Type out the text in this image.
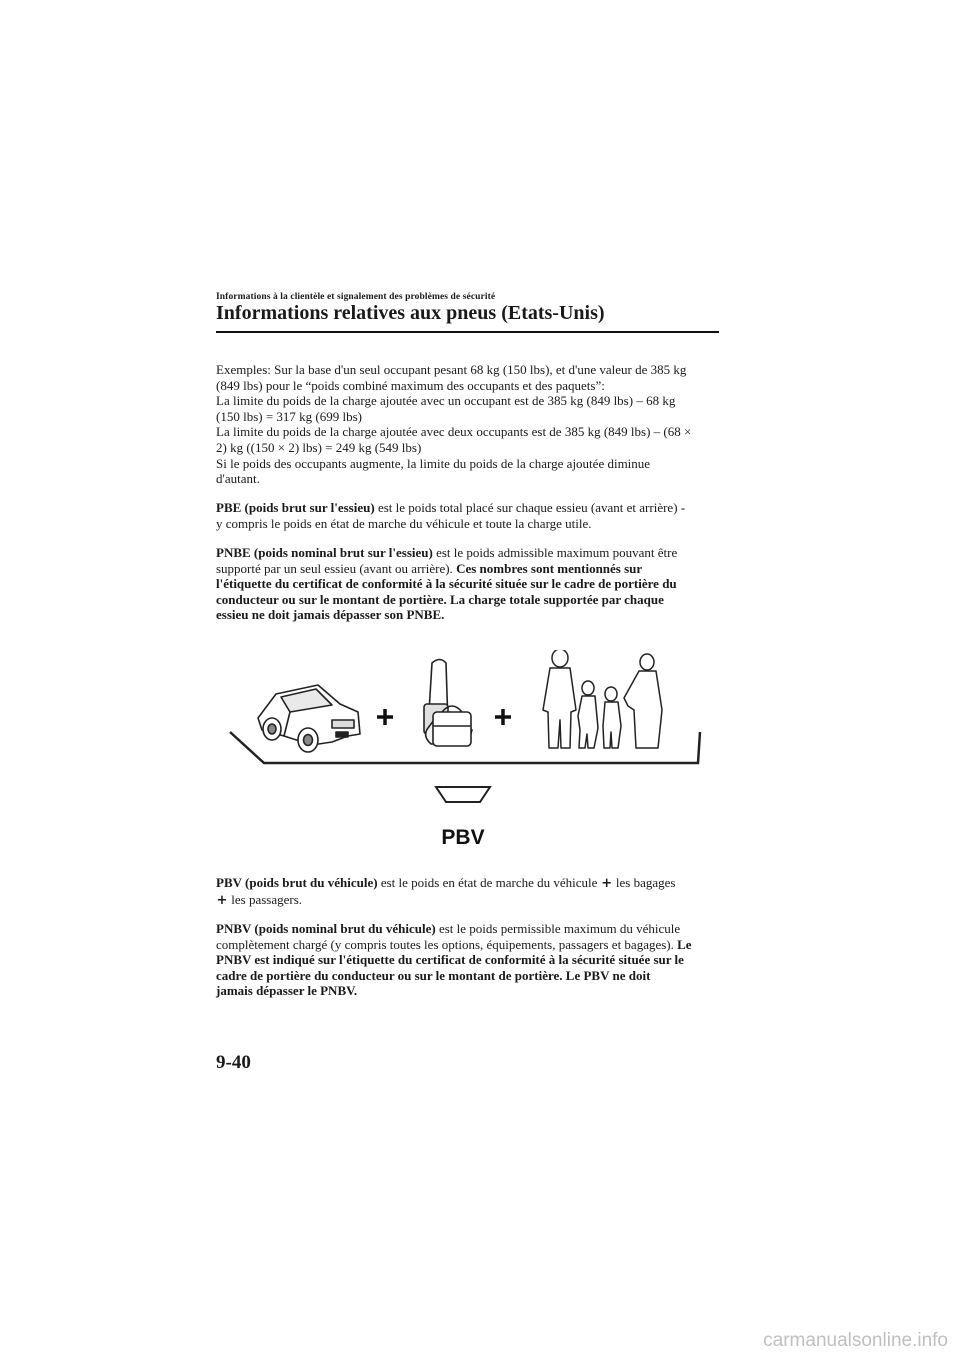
Informations à la clientèle et signalement des problèmes de sécurité
Informations relatives aux pneus (Etats-Unis)
Exemples: Sur la base d'un seul occupant pesant 68 kg (150 lbs), et d'une valeur de 385 kg
(849 lbs) pour le “poids combiné maximum des occupants et des paquets”:
La limite du poids de la charge ajoutée avec un occupant est de 385 kg (849 lbs) – 68 kg
(150 lbs) = 317 kg (699 lbs)
La limite du poids de la charge ajoutée avec deux occupants est de 385 kg (849 lbs) – (68 ×
2) kg ((150 × 2) lbs) = 249 kg (549 lbs)
Si le poids des occupants augmente, la limite du poids de la charge ajoutée diminue
d'autant.
PBE (poids brut sur l'essieu) est le poids total placé sur chaque essieu (avant et arrière) -
y compris le poids en état de marche du véhicule et toute la charge utile.
PNBE (poids nominal brut sur l'essieu) est le poids admissible maximum pouvant être
supporté par un seul essieu (avant ou arrière). Ces nombres sont mentionnés sur
l'étiquette du certificat de conformité à la sécurité située sur le cadre de portière du
conducteur ou sur le montant de portière. La charge totale supportée par chaque
essieu ne doit jamais dépasser son PNBE.
PBV
PBV (poids brut du véhicule) est le poids en état de marche du véhicule + les bagages
+ les passagers.
PNBV (poids nominal brut du véhicule) est le poids permissible maximum du véhicule
complètement chargé (y compris toutes les options, équipements, passagers et bagages). Le
PNBV est indiqué sur l'étiquette du certificat de conformité à la sécurité située sur le
cadre de portière du conducteur ou sur le montant de portière. Le PBV ne doit
jamais dépasser le PNBV.
9-40
carmanualsonline.info
